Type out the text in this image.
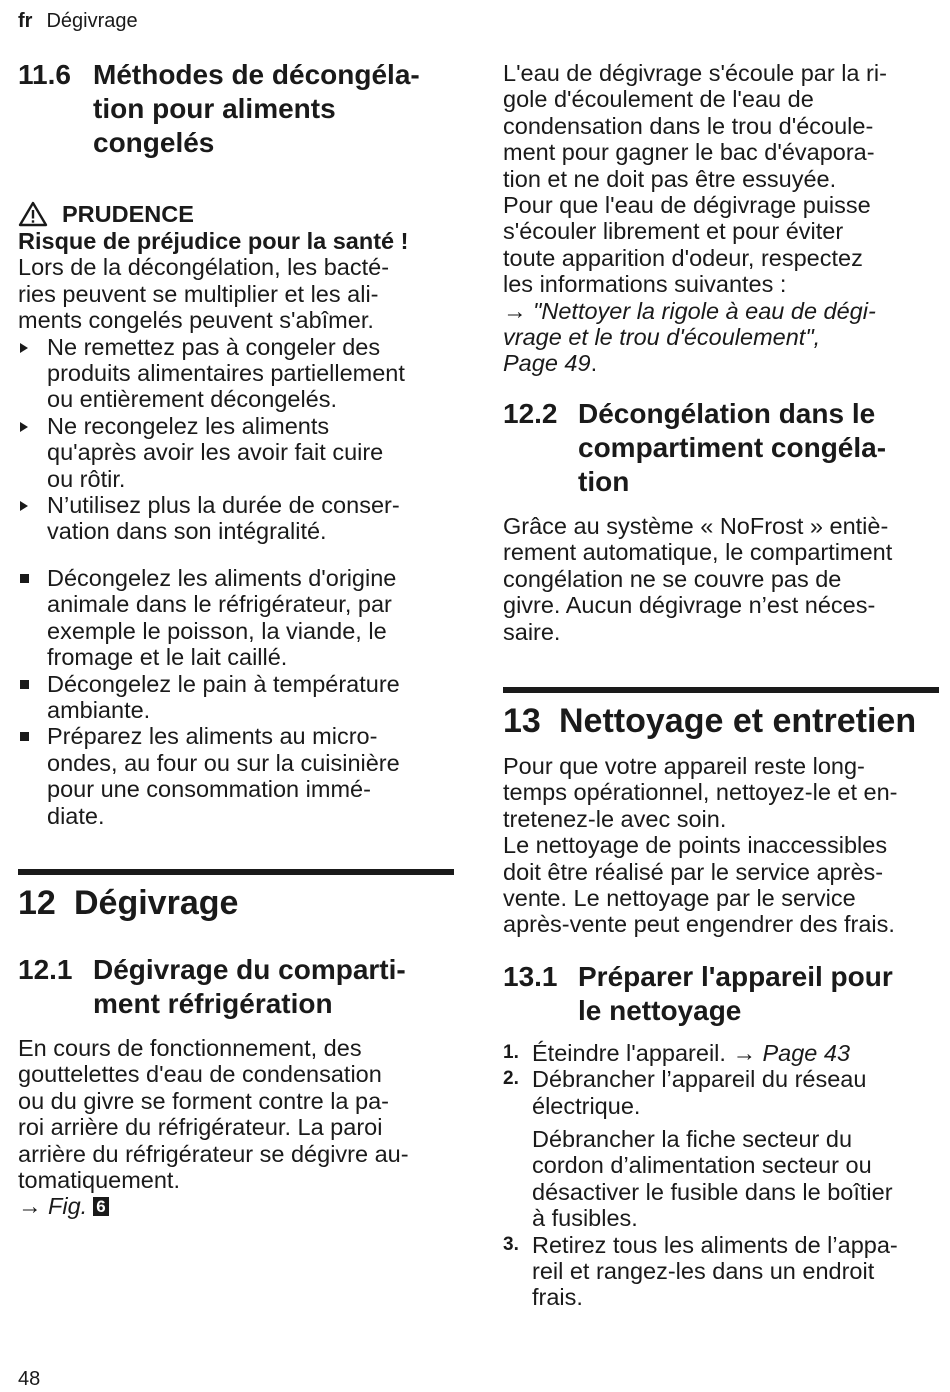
fr Dégivrage
11.6 Méthodes de décongéla-
tion pour aliments
congelés
PRUDENCE

Risque de préjudice pour la santé !

Lors de la décongélation, les bacté-
ries peuvent se multiplier et les ali-
ments congelés peuvent s'abîmer.

Ne remettez pas à congeler des
produits alimentaires partiellement
ou entièrement décongelés.
Ne recongelez les aliments
qu'après avoir les avoir fait cuire
ou rôtir.
N’utilisez plus la durée de conser-
vation dans son intégralité.
Décongelez les aliments d'origine
animale dans le réfrigérateur, par
exemple le poisson, la viande, le
fromage et le lait caillé.
Décongelez le pain à température
ambiante.
Préparez les aliments au micro-
ondes, au four ou sur la cuisinière
pour une consommation immé-
diate.
12 Dégivrage
12.1 Dégivrage du comparti-
ment réfrigération

En cours de fonctionnement, des
gouttelettes d'eau de condensation
ou du givre se forment contre la pa-
roi arrière du réfrigérateur. La paroi
arrière du réfrigérateur se dégivre au-
tomatiquement.
→ Fig. 6

L'eau de dégivrage s'écoule par la ri-
gole d'écoulement de l'eau de
condensation dans le trou d'écoule-
ment pour gagner le bac d'évapora-
tion et ne doit pas être essuyée.
Pour que l'eau de dégivrage puisse
s'écouler librement et pour éviter
toute apparition d'odeur, respectez
les informations suivantes :
→ "Nettoyer la rigole à eau de dégi-
vrage et le trou d'écoulement",
Page 49.

12.2 Décongélation dans le
compartiment congéla-
tion

Grâce au système « NoFrost » entiè-
rement automatique, le compartiment
congélation ne se couvre pas de
givre. Aucun dégivrage n’est néces-
saire.

13 Nettoyage et entretien

Pour que votre appareil reste long-
temps opérationnel, nettoyez-le et en-
tretenez-le avec soin.
Le nettoyage de points inaccessibles
doit être réalisé par le service après-
vente. Le nettoyage par le service
après-vente peut engendrer des frais.

13.1 Préparer l'appareil pour
le nettoyage
1. Éteindre l'appareil. → Page 43
2. Débrancher l’appareil du réseau
électrique.
Débrancher la fiche secteur du
cordon d’alimentation secteur ou
désactiver le fusible dans le boîtier
à fusibles.
3. Retirez tous les aliments de l’appa-
reil et rangez-les dans un endroit
frais.
48
